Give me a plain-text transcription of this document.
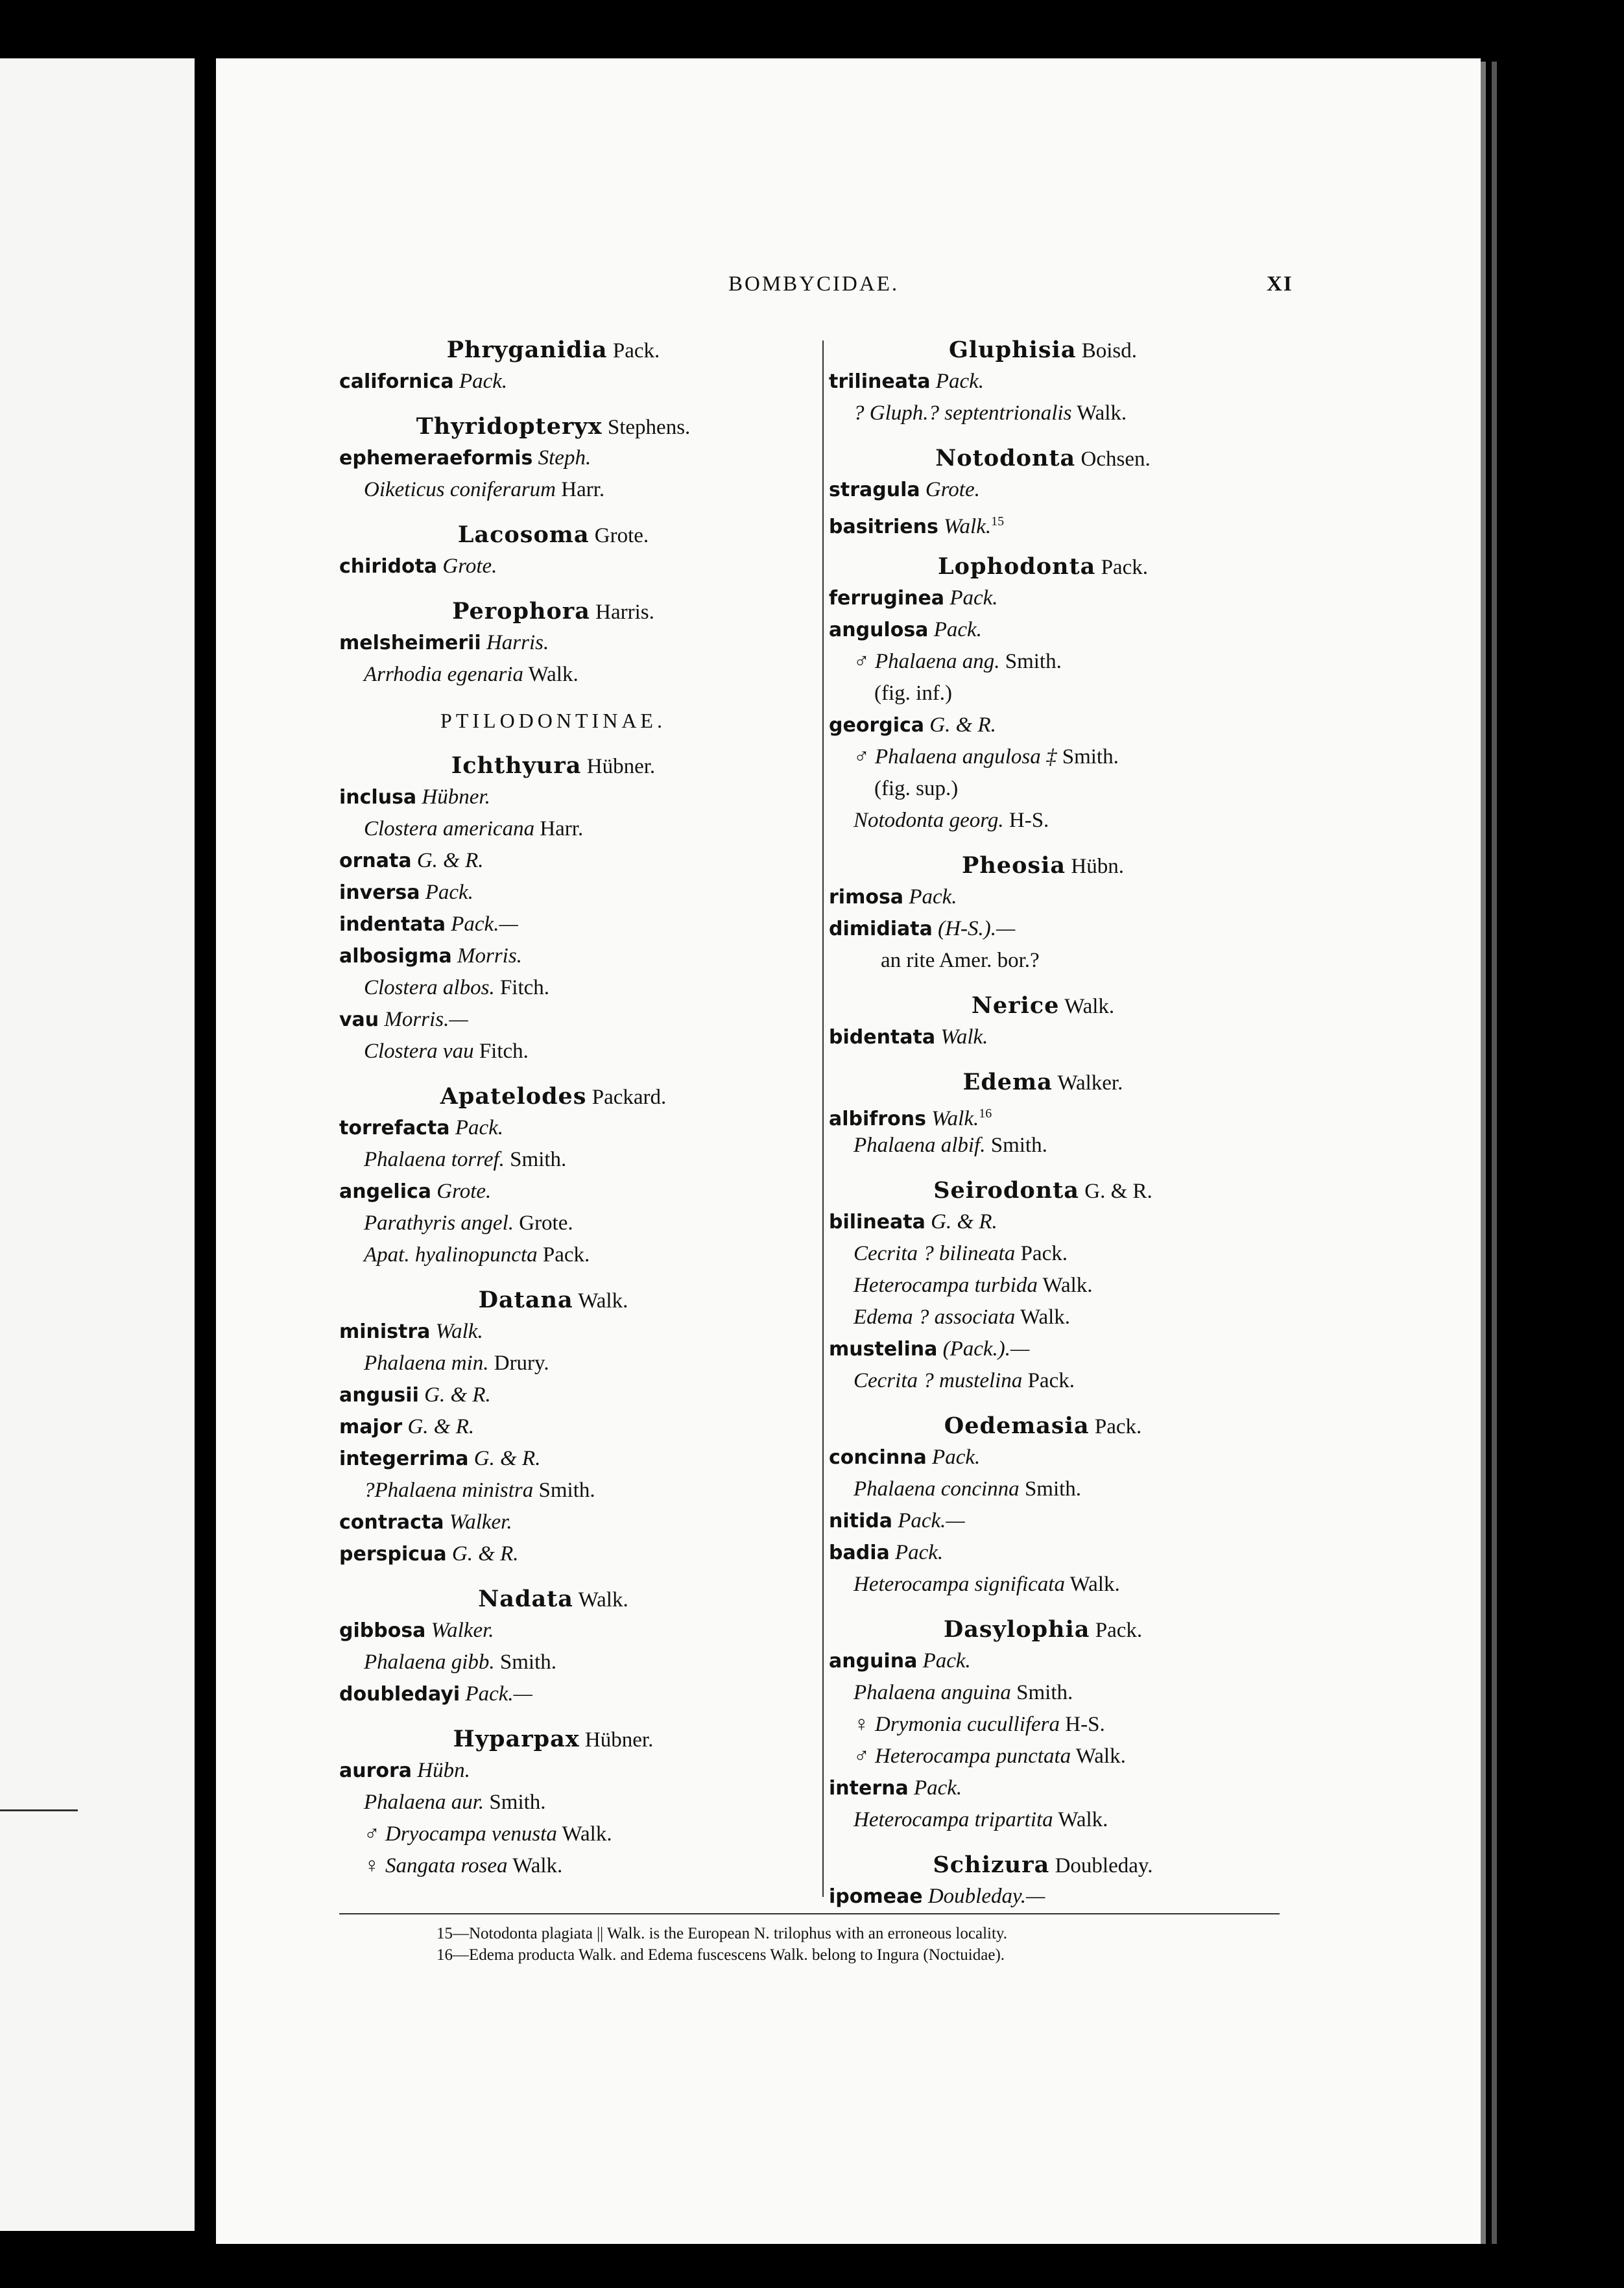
BOMBYCIDAE.	XI
Phryganidia Pack.
californica Pack.
Thyridopteryx Stephens.
ephemeraeformis Steph.
Oiketicus coniferarum Harr.
Lacosoma Grote.
chiridota Grote.
Perophora Harris.
melsheimerii Harris.
Arrhodia egenaria Walk.
PTILODONTINAE.
Ichthyura Hübner.
inclusa Hübner.
Clostera americana Harr.
ornata G. & R.
inversa Pack.
indentata Pack.—
albosigma Morris.
Clostera albos. Fitch.
vau Morris.—
Clostera vau Fitch.
Apatelodes Packard.
torrefacta Pack.
Phalaena torref. Smith.
angelica Grote.
Parathyris angel. Grote.
Apat. hyalinopuncta Pack.
Datana Walk.
ministra Walk.
Phalaena min. Drury.
angusii G. & R.
major G. & R.
integerrima G. & R.
?Phalaena ministra Smith.
contracta Walker.
perspicua G. & R.
Nadata Walk.
gibbosa Walker.
Phalaena gibb. Smith.
doubledayi Pack.—
Hyparpax Hübner.
aurora Hübn.
Phalaena aur. Smith.
♂ Dryocampa venusta Walk.
♀ Sangata rosea Walk.
Gluphisia Boisd.
trilineata Pack.
? Gluph.? septentrionalis Walk.
Notodonta Ochsen.
stragula Grote.
basitriens Walk.$^{15}$
Lophodonta Pack.
ferruginea Pack.
angulosa Pack.
♂ Phalaena ang. Smith.
(fig. inf.)
georgica G. & R.
♂ Phalaena angulosa ‡ Smith.
(fig. sup.)
Notodonta georg. H-S.
Pheosia Hübn.
rimosa Pack.
dimidiata (H-S.).—
an rite Amer. bor.?
Nerice Walk.
bidentata Walk.
Edema Walker.
albifrons Walk.$^{16}$
Phalaena albif. Smith.
Seirodonta G. & R.
bilineata G. & R.
Cecrita ? bilineata Pack.
Heterocampa turbida Walk.
Edema ? associata Walk.
mustelina (Pack.).—
Cecrita ? mustelina Pack.
Oedemasia Pack.
concinna Pack.
Phalaena concinna Smith.
nitida Pack.—
badia Pack.
Heterocampa significata Walk.
Dasylophia Pack.
anguina Pack.
Phalaena anguina Smith.
♀ Drymonia cucullifera H-S.
♂ Heterocampa punctata Walk.
interna Pack.
Heterocampa tripartita Walk.
Schizura Doubleday.
ipomeae Doubleday.—
15—Notodonta plagiata || Walk. is the European N. trilophus with an erroneous locality.
16—Edema producta Walk. and Edema fuscescens Walk. belong to Ingura (Noctuidae).
